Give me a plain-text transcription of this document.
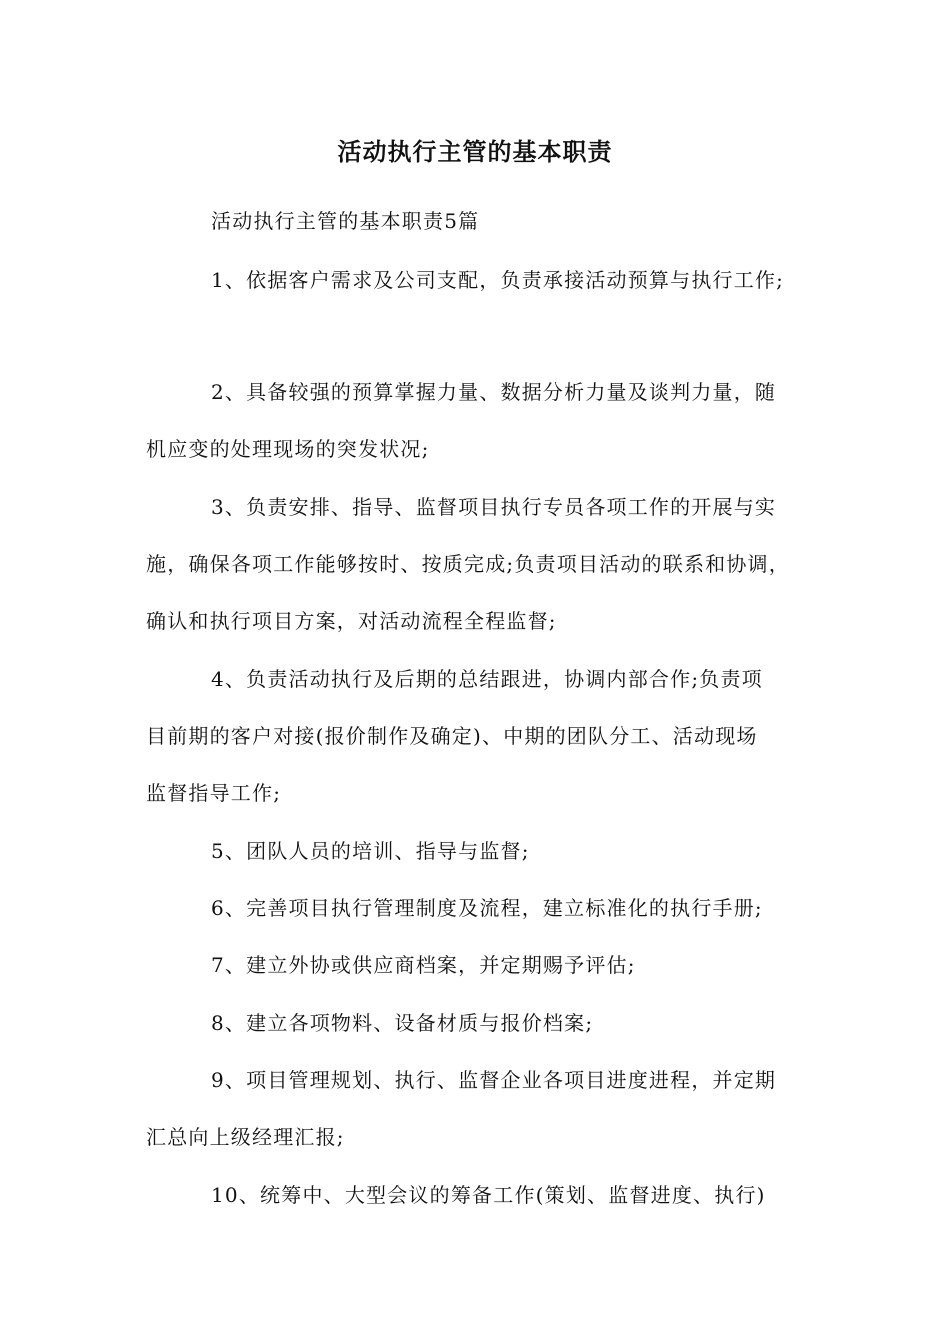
活动执行主管的基本职责
活动执行主管的基本职责5篇
1、依据客户需求及公司支配，负责承接活动预算与执行工作;
2、具备较强的预算掌握力量、数据分析力量及谈判力量，随
机应变的处理现场的突发状况;
3、负责安排、指导、监督项目执行专员各项工作的开展与实
施，确保各项工作能够按时、按质完成;负责项目活动的联系和协调，
确认和执行项目方案，对活动流程全程监督;
4、负责活动执行及后期的总结跟进，协调内部合作;负责项
目前期的客户对接(报价制作及确定)、中期的团队分工、活动现场
监督指导工作;
5、团队人员的培训、指导与监督;
6、完善项目执行管理制度及流程，建立标准化的执行手册;
7、建立外协或供应商档案，并定期赐予评估;
8、建立各项物料、设备材质与报价档案;
9、项目管理规划、执行、监督企业各项目进度进程，并定期
汇总向上级经理汇报;
10、统筹中、大型会议的筹备工作(策划、监督进度、执行)
